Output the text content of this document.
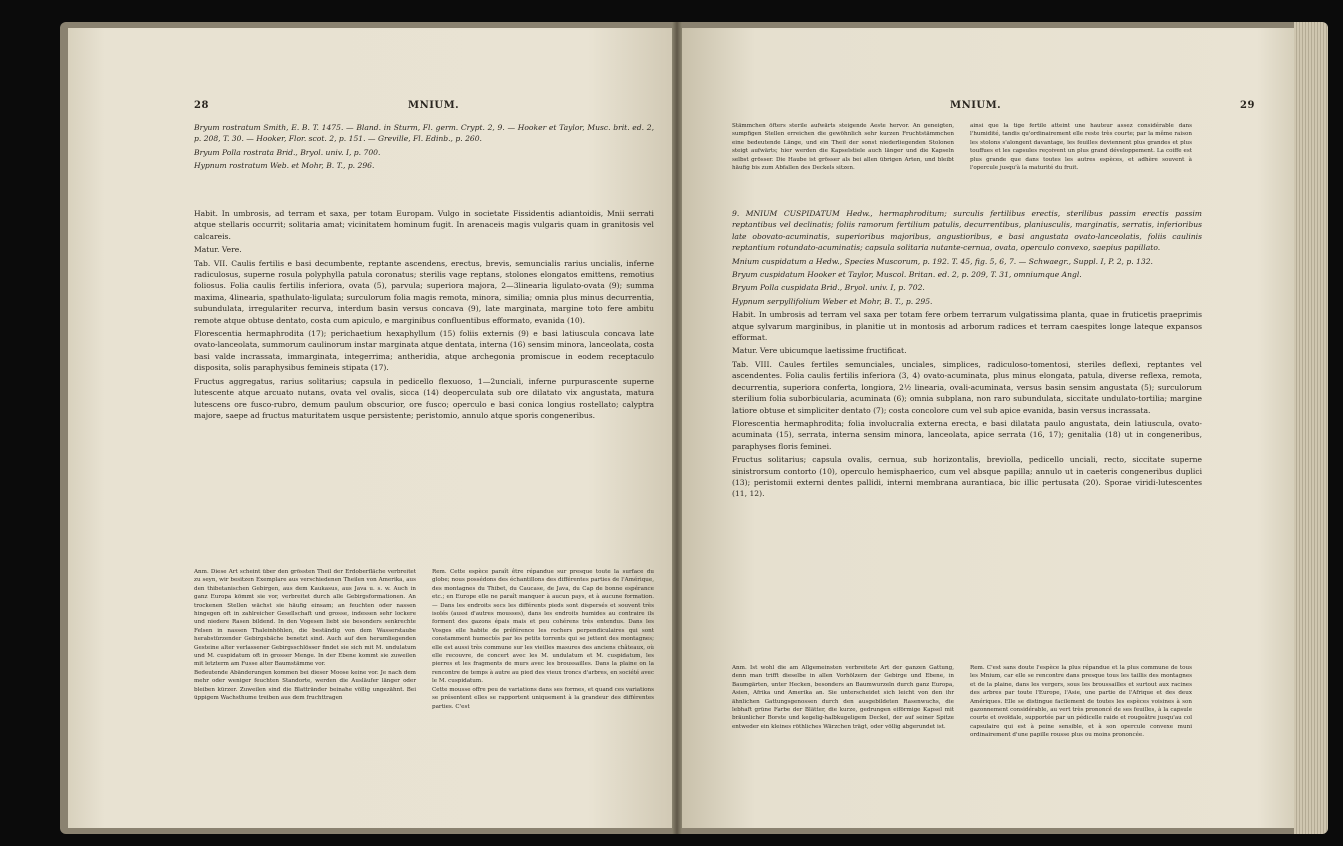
28	MNIUM.

Bryum rostratum Smith, E. B. T. 1475. — Bland. in Sturm, Fl. germ. Crypt. 2, 9. — Hooker et Taylor, Musc. brit. ed. 2, p. 208, T. 30. — Hooker, Flor. scot. 2, p. 151. — Greville, Fl. Edinb., p. 260.

Bryum Polla rostrata Brid., Bryol. univ. I, p. 700.

Hypnum rostratum Web. et Mohr, B. T., p. 296.

Habit. In umbrosis, ad terram et saxa, per totam Europam. Vulgo in societate Fissidentis adiantoidis, Mnii serrati atque stellaris occurrit; solitaria amat; vicinitatem hominum fugit. In arenaceis magis vulgaris quam in granitosis vel calcareis.

Matur. Vere.

Tab. VII. Caulis fertilis e basi decumbente, reptante ascendens, erectus, brevis, semuncialis rarius uncialis, inferne radiculosus, superne rosula polyphylla patula coronatus; sterilis vage reptans, stolones elongatos emittens, remotius foliosus. Folia caulis fertilis inferiora, ovata (5), parvula; superiora majora, 2—3linearia ligulato-ovata (9); summa maxima, 4linearia, spathulato-ligulata; surculorum folia magis remota, minora, similia; omnia plus minus decurrentia, subundulata, irregulariter recurva, interdum basin versus concava (9), late marginata, margine toto fere ambitu remote atque obtuse dentato, costa cum apiculo, e marginibus confluentibus efformato, evanida (10).

Florescentia hermaphrodita (17); perichaetium hexaphyllum (15) foliis externis (9) e basi latiuscula concava late ovato-lanceolata, summorum caulinorum instar marginata atque dentata, interna (16) sensim minora, lanceolata, costa basi valde incrassata, immarginata, integerrima; antheridia, atque archegonia promiscue in eodem receptaculo disposita, solis paraphysibus femineis stipata (17).

Fructus aggregatus, rarius solitarius; capsula in pedicello flexuoso, 1—2unciali, inferne purpurascente superne lutescente atque arcuato nutans, ovata vel ovalis, sicca (14) deoperculata sub ore dilatato vix angustata, matura lutescens ore fusco-rubro, demum paulum obscurior, ore fusco; operculo e basi conica longius rostellato; calyptra majore, saepe ad fructus maturitatem usque persistente; peristomio, annulo atque sporis congeneribus.

Anm. Diese Art scheint über den grössten Theil der Erdoberfläche verbreitet zu seyn, wir besitzen Exemplare aus verschiedenen Theilen von Amerika, aus den thibetanischen Gebirgen, aus dem Kaukasus, aus Java u. s. w. Auch in ganz Europa kömmt sie vor, verbreitet durch alle Gebirgsformationen. An trockenen Stellen wächst sie häufig einsam; an feuchten oder nassen hingegen oft in zahlreicher Gesellschaft und grosse, indessen sehr lockere und niedere Rasen bildend. In den Vogesen liebt sie besonders senkrechte Felsen in nassen Thaleinhöhlen, die beständig von dem Wasserstaube herabstürzender Gebirgsbäche benetzt sind. Auch auf den herumliegenden Gesteine alter verlassener Gebirgsschlösser findet sie sich mit M. undulatum und M. cuspidatum oft in grosser Menge. In der Ebene kommt sie zuweilen mit letzterm am Fusse alter Baumstämme vor.

Bedeutende Abänderungen kommen bei dieser Moose keine vor. Je nach dem mehr oder weniger feuchten Standorte, werden die Ausläufer länger oder bleiben kürzer. Zuweilen sind die Blattränder beinahe völlig ungezähnt. Bei üppigem Wachsthume treiben aus dem fruchttragen

Rem. Cette espèce paraît être répandue sur presque toute la surface du globe; nous possédons des échantillons des différentes parties de l'Amérique, des montagnes du Thibet, du Caucase, de Java, du Cap de bonne espérance etc.; en Europe elle ne paraît manquer à aucun pays, et à aucune formation. — Dans les endroits secs les différents pieds sont dispersés et souvent très isolés (aussi d'autres mousses), dans les endroits humides au contraire ils forment des gazons épais mais et peu cohérens très entendus. Dans les Vosges elle habite de préférence les rochers perpendiculaires qui sont constamment humectés par les petits torrents qui se jettent des montagnes; elle est aussi très commune sur les vieilles masures des anciens châteaux, où elle recouvre, de concert avec les M. undulatum et M. cuspidatum, les pierres et les fragments de murs avec les broussailles. Dans la plaine on la rencontre de temps à autre au pied des vieux troncs d'arbres, en société avec le M. cuspidatum.

Cette mousse offre peu de variations dans ses formes, et quand ces variations se présentent elles se rapportent uniquement à la grandeur des différentes parties. C'est

MNIUM.	29
Stämmchen öfters sterile aufwärts steigende Aeste hervor. An geneigten, sumpfigen Stellen erreichen die gewöhnlich sehr kurzen Fruchtstämmchen eine bedeutende Länge, und ein Theil der sonst niederliegenden Stolonen steigt aufwärts; hier werden die Kapselstiele auch länger und die Kapseln selbst grösser. Die Haube ist grösser als bei allen übrigen Arten, und bleibt häufig bis zum Abfallen des Deckels sitzen.
ainsi que la tige fertile atteint une hauteur assez considérable dans l'humidité, tandis qu'ordinairement elle reste très courte; par la même raison les stolons s'alongent davantage, les feuilles deviennent plus grandes et plus touffues et les capsules reçoivent un plus grand développement. La coiffe est plus grande que dans toutes les autres espèces, et adhère souvent à l'opercule jusqu'à la maturité du fruit.

9. MNIUM CUSPIDATUM Hedw., hermaphroditum; surculis fertilibus erectis, sterilibus passim erectis passim reptantibus vel declinatis; foliis ramorum fertilium patulis, decurrentibus, planiusculis, marginatis, serratis, inferioribus late obovato-acuminatis, superioribus majoribus, angustioribus, e basi angustata ovato-lanceolatis, foliis caulinis reptantium rotundato-acuminatis; capsula solitaria nutante-cernua, ovata, operculo convexo, saepius papillato.

Mnium cuspidatum a Hedw., Species Muscorum, p. 192. T. 45, fig. 5, 6, 7. — Schwaegr., Suppl. I, P. 2, p. 132.

Bryum cuspidatum Hooker et Taylor, Muscol. Britan. ed. 2, p. 209, T. 31, omniumque Angl.

Bryum Polla cuspidata Brid., Bryol. univ. I, p. 702.

Hypnum serpyllifolium Weber et Mohr, B. T., p. 295.

Habit. In umbrosis ad terram vel saxa per totam fere orbem terrarum vulgatissima planta, quae in fruticetis praeprimis atque sylvarum marginibus, in planitie ut in montosis ad arborum radices et terram caespites longe lateque expansos efformat.

Matur. Vere ubicumque laetissime fructificat.

Tab. VIII. Caules fertiles semunciales, unciales, simplices, radiculoso-tomentosi, steriles deflexi, reptantes vel ascendentes. Folia caulis fertilis inferiora (3, 4) ovato-acuminata, plus minus elongata, patula, diverse reflexa, remota, decurrentia, superiora conferta, longiora, 2½ linearia, ovali-acuminata, versus basin sensim angustata (5); surculorum sterilium folia suborbicularia, acuminata (6); omnia subplana, non raro subundulata, siccitate undulato-tortilia; margine latiore obtuse et simpliciter dentato (7); costa concolore cum vel sub apice evanida, basin versus incrassata.

Florescentia hermaphrodita; folia involucralia externa erecta, e basi dilatata paulo angustata, dein latiuscula, ovato-acuminata (15), serrata, interna sensim minora, lanceolata, apice serrata (16, 17); genitalia (18) ut in congeneribus, paraphyses floris feminei.

Fructus solitarius; capsula ovalis, cernua, sub horizontalis, breviolla, pedicello unciali, recto, siccitate superne sinistrorsum contorto (10), operculo hemisphaerico, cum vel absque papilla; annulo ut in caeteris congeneribus duplici (13); peristomii externi dentes pallidi, interni membrana aurantiaca, bic illic pertusata (20). Sporae viridi-lutescentes (11, 12).

Anm. Ist wohl die am Allgemeinsten verbreitete Art der ganzen Gattung, denn man trifft dieselbe in allen Vorhölzern der Gebirge und Ebene, in Baumgärten, unter Hecken, besonders an Baumwurzeln durch ganz Europa, Asien, Afrika und Amerika an. Sie unterscheidet sich leicht von den ihr ähnlichen Gattungsgenossen durch den ausgebildeten Rasenwuchs, die lebhaft grüne Farbe der Blätter, die kurze, gedrungen eiförmige Kapsel mit bräunlicher Borste und kegelig-halbkugeligem Deckel, der auf seiner Spitze entweder ein kleines röthliches Wärzchen trägt, oder völlig abgerundet ist.
Rem. C'est sans doute l'espèce la plus répandue et la plus commune de tous les Mnium, car elle se rencontre dans presque tous les taillis des montagnes et de la plaine, dans les vergers, sous les broussailles et surtout aux racines des arbres par toute l'Europe, l'Asie, une partie de l'Afrique et des deux Amériques. Elle se distingue facilement de toutes les espèces voisines à son gazonnement considérable, au vert très prononcé de ses feuilles, à la capsule courte et ovoïdale, supportée par un pédicelle raide et rougeâtre jusqu'au col capsulaire qui est à peine sensible, et à son opercule convexe muni ordinairement d'une papille rousse plus ou moins prononcée.
